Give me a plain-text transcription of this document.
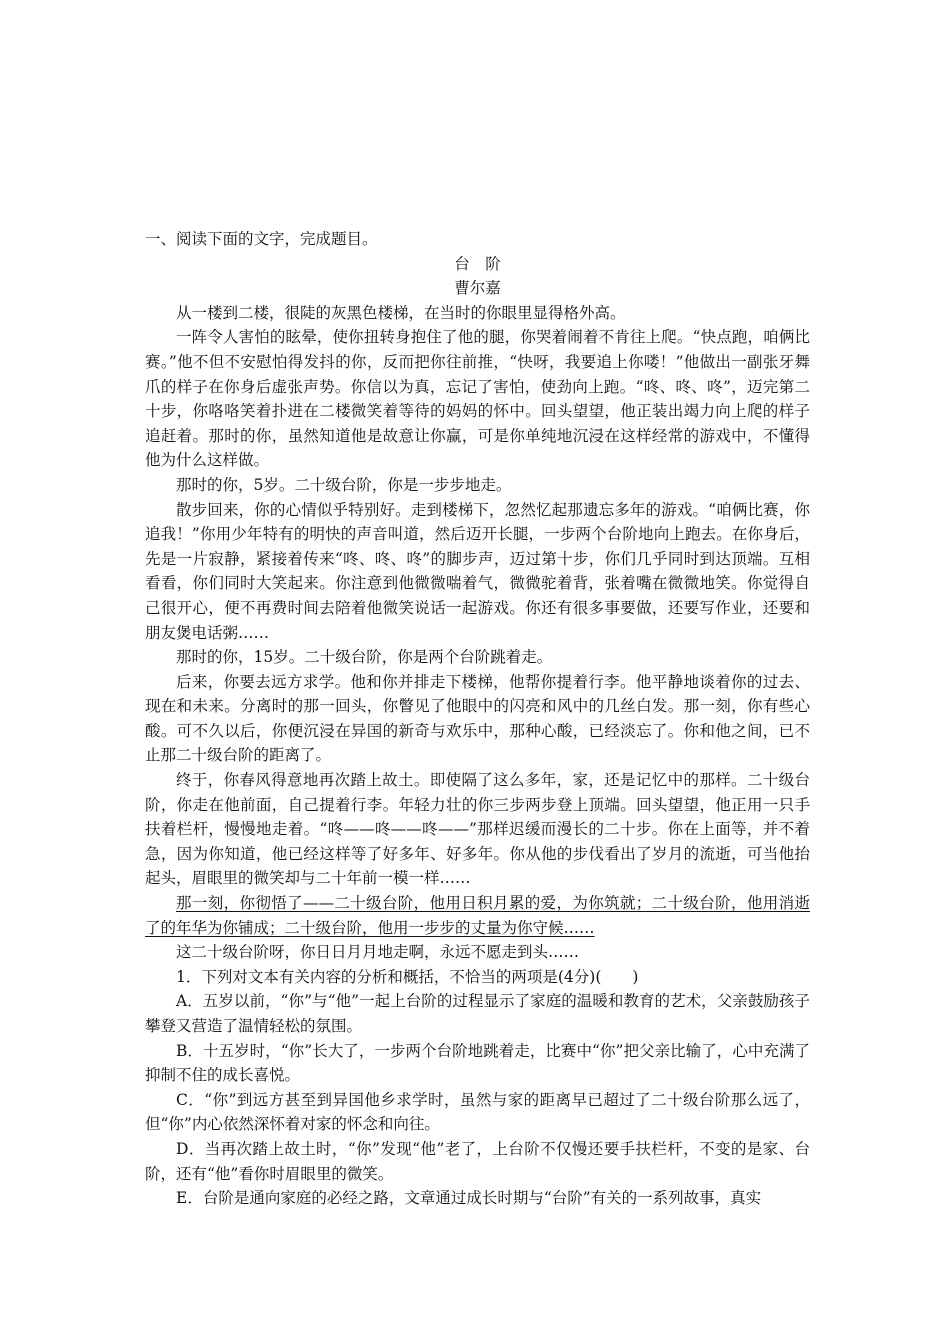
一、阅读下面的文字，完成题目。

台　阶

曹尔嘉

从一楼到二楼，很陡的灰黑色楼梯，在当时的你眼里显得格外高。

一阵令人害怕的眩晕，使你扭转身抱住了他的腿，你哭着闹着不肯往上爬。“快点跑，咱俩比赛。”他不但不安慰怕得发抖的你，反而把你往前推，“快呀，我要追上你喽！”他做出一副张牙舞爪的样子在你身后虚张声势。你信以为真，忘记了害怕，使劲向上跑。“咚、咚、咚”，迈完第二十步，你咯咯笑着扑进在二楼微笑着等待的妈妈的怀中。回头望望，他正装出竭力向上爬的样子追赶着。那时的你，虽然知道他是故意让你赢，可是你单纯地沉浸在这样经常的游戏中，不懂得他为什么这样做。

那时的你，5岁。二十级台阶，你是一步步地走。

散步回来，你的心情似乎特别好。走到楼梯下，忽然忆起那遗忘多年的游戏。“咱俩比赛，你追我！”你用少年特有的明快的声音叫道，然后迈开长腿，一步两个台阶地向上跑去。在你身后，先是一片寂静，紧接着传来“咚、咚、咚”的脚步声，迈过第十步，你们几乎同时到达顶端。互相看看，你们同时大笑起来。你注意到他微微喘着气，微微驼着背，张着嘴在微微地笑。你觉得自己很开心，便不再费时间去陪着他微笑说话一起游戏。你还有很多事要做，还要写作业，还要和朋友煲电话粥……

那时的你，15岁。二十级台阶，你是两个台阶跳着走。

后来，你要去远方求学。他和你并排走下楼梯，他帮你提着行李。他平静地谈着你的过去、现在和未来。分离时的那一回头，你瞥见了他眼中的闪亮和风中的几丝白发。那一刻，你有些心酸。可不久以后，你便沉浸在异国的新奇与欢乐中，那种心酸，已经淡忘了。你和他之间，已不止那二十级台阶的距离了。

终于，你春风得意地再次踏上故土。即使隔了这么多年，家，还是记忆中的那样。二十级台阶，你走在他前面，自己提着行李。年轻力壮的你三步两步登上顶端。回头望望，他正用一只手扶着栏杆，慢慢地走着。“咚——咚——咚——”那样迟缓而漫长的二十步。你在上面等，并不着急，因为你知道，他已经这样等了好多年、好多年。你从他的步伐看出了岁月的流逝，可当他抬起头，眉眼里的微笑却与二十年前一模一样……

那一刻，你彻悟了——二十级台阶，他用日积月累的爱，为你筑就；二十级台阶，他用消逝了的年华为你铺成；二十级台阶，他用一步步的丈量为你守候……

这二十级台阶呀，你日日月月地走啊，永远不愿走到头……

1．下列对文本有关内容的分析和概括，不恰当的两项是(4分)(　　)

A．五岁以前，“你”与“他”一起上台阶的过程显示了家庭的温暖和教育的艺术，父亲鼓励孩子攀登又营造了温情轻松的氛围。

B．十五岁时，“你”长大了，一步两个台阶地跳着走，比赛中“你”把父亲比输了，心中充满了抑制不住的成长喜悦。

C．“你”到远方甚至到异国他乡求学时，虽然与家的距离早已超过了二十级台阶那么远了，但“你”内心依然深怀着对家的怀念和向往。

D．当再次踏上故土时，“你”发现“他”老了，上台阶不仅慢还要手扶栏杆，不变的是家、台阶，还有“他”看你时眉眼里的微笑。

E．台阶是通向家庭的必经之路，文章通过成长时期与“台阶”有关的一系列故事，真实
